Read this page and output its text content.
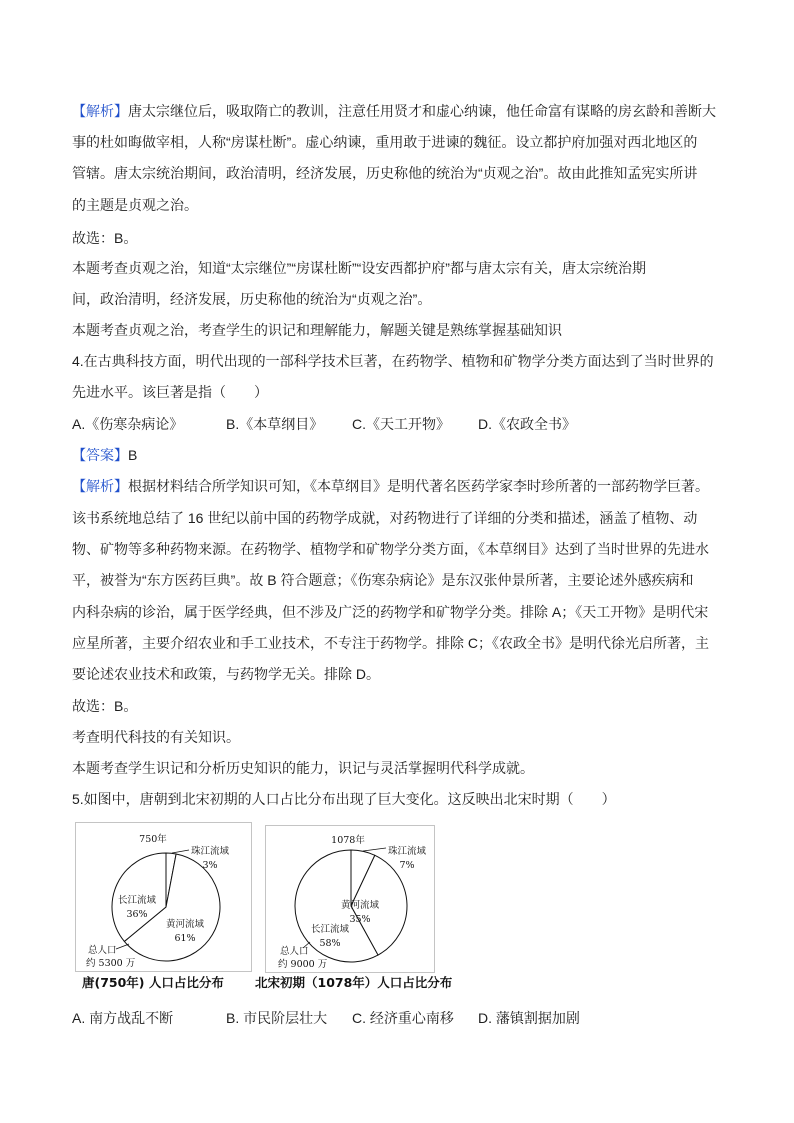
【解析】唐太宗继位后，吸取隋亡的教训，注意任用贤才和虚心纳谏，他任命富有谋略的房玄龄和善断大
事的杜如晦做宰相，人称“房谋杜断”。虚心纳谏，重用敢于进谏的魏征。设立都护府加强对西北地区的
管辖。唐太宗统治期间，政治清明，经济发展，历史称他的统治为“贞观之治”。故由此推知孟宪实所讲
的主题是贞观之治。
故选：B。
本题考查贞观之治，知道“太宗继位”“房谋杜断”“设安西都护府”都与唐太宗有关，唐太宗统治期
间，政治清明，经济发展，历史称他的统治为“贞观之治”。
本题考查贞观之治，考查学生的识记和理解能力，解题关键是熟练掌握基础知识
4.在古典科技方面，明代出现的一部科学技术巨著，在药物学、植物和矿物学分类方面达到了当时世界的
先进水平。该巨著是指（　　）
A.《伤寒杂病论》	B.《本草纲目》 C.《天工开物》 D.《农政全书》
【答案】B
【解析】根据材料结合所学知识可知，《本草纲目》是明代著名医药学家李时珍所著的一部药物学巨著。
该书系统地总结了 16 世纪以前中国的药物学成就，对药物进行了详细的分类和描述，涵盖了植物、动
物、矿物等多种药物来源。在药物学、植物学和矿物学分类方面，《本草纲目》达到了当时世界的先进水
平，被誉为“东方医药巨典”。故 B 符合题意；《伤寒杂病论》是东汉张仲景所著，主要论述外感疾病和
内科杂病的诊治，属于医学经典，但不涉及广泛的药物学和矿物学分类。排除 A；《天工开物》是明代宋
应星所著，主要介绍农业和手工业技术，不专注于药物学。排除 C；《农政全书》是明代徐光启所著，主
要论述农业技术和政策，与药物学无关。排除 D。
故选：B。
考查明代科技的有关知识。
本题考查学生识记和分析历史知识的能力，识记与灵活掌握明代科学成就。
5.如图中，唐朝到北宋初期的人口占比分布出现了巨大变化。这反映出北宋时期（　　）
750年
珠江流域
3%
黄河流域
61%
长江流域
36%
总人口
约 5300 万
唐(750年) 人口占比分布
1078年
珠江流域
7%
黄河流域
35%
长江流域
58%
总人口
约 9000 万
北宋初期（1078年）人口占比分布
A. 南方战乱不断	B. 市民阶层壮大 C. 经济重心南移 D. 藩镇割据加剧
